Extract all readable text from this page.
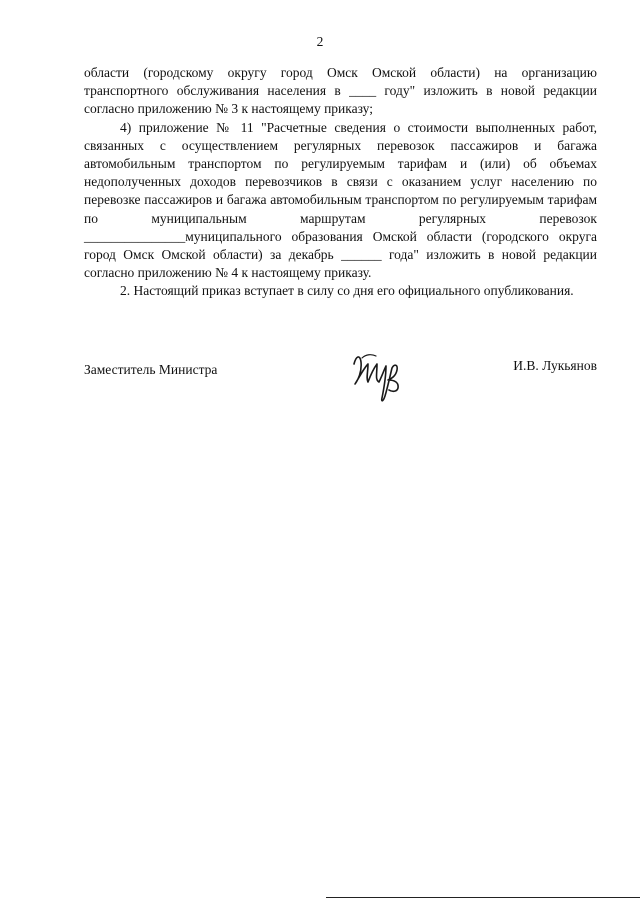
2

области (городскому округу город Омск Омской области) на организацию транспортного обслуживания населения в ____ году" изложить в новой редакции согласно приложению № 3 к настоящему приказу;

4) приложение № 11 "Расчетные сведения о стоимости выполненных работ, связанных с осуществлением регулярных перевозок пассажиров и багажа автомобильным транспортом по регулируемым тарифам и (или) об объемах недополученных доходов перевозчиков в связи с оказанием услуг населению по перевозке пассажиров и багажа автомобильным транспортом по регулируемым тарифам по муниципальным маршрутам регулярных перевозок _______________муниципального образования Омской области (городского округа город Омск Омской области) за декабрь ______ года" изложить в новой редакции согласно приложению № 4 к настоящему приказу.

2. Настоящий приказ вступает в силу со дня его официального опубликования.

Заместитель Министра	И.В. Лукьянов
